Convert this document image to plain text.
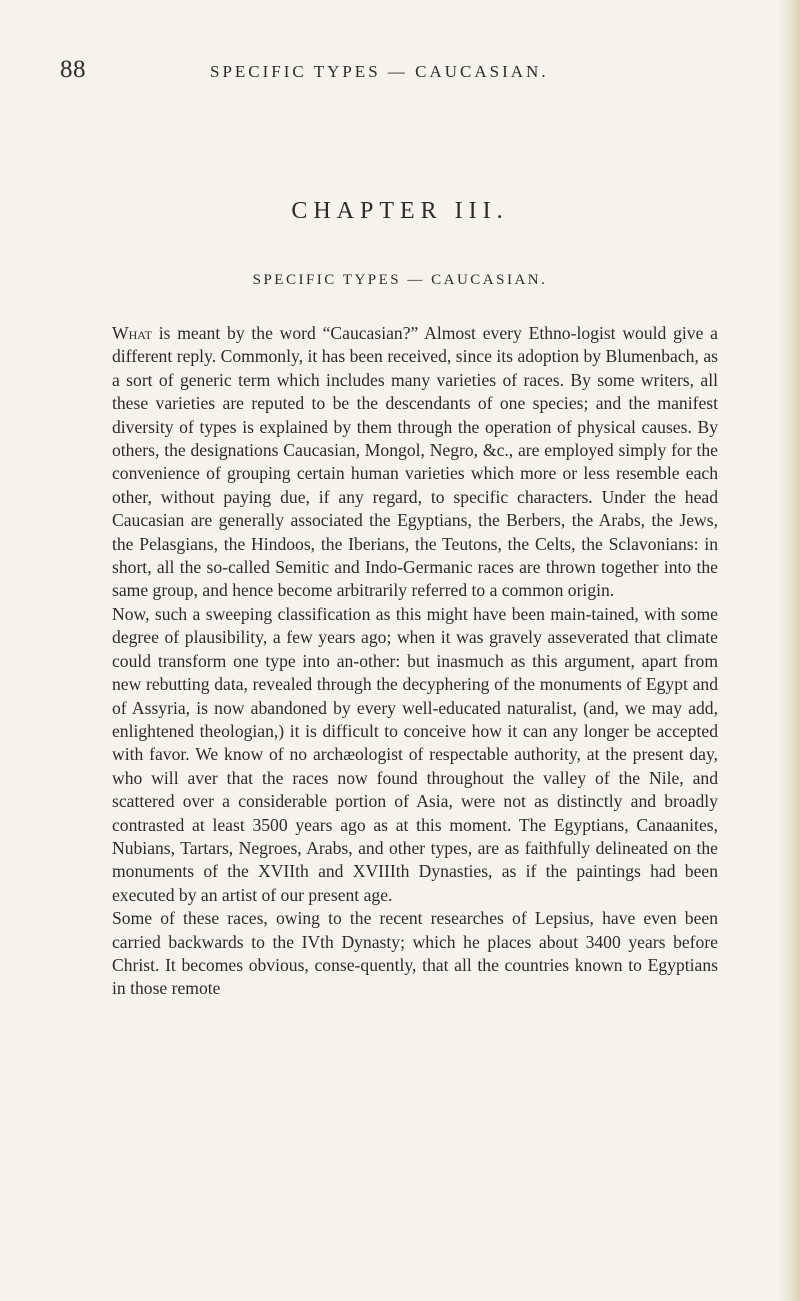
88	SPECIFIC TYPES — CAUCASIAN.
CHAPTER III.
SPECIFIC TYPES — CAUCASIAN.

What is meant by the word “Caucasian?” Almost every Ethno-logist would give a different reply. Commonly, it has been received, since its adoption by Blumenbach, as a sort of generic term which includes many varieties of races. By some writers, all these varieties are reputed to be the descendants of one species; and the manifest diversity of types is explained by them through the operation of physical causes. By others, the designations Caucasian, Mongol, Negro, &c., are employed simply for the convenience of grouping certain human varieties which more or less resemble each other, without paying due, if any regard, to specific characters. Under the head Caucasian are generally associated the Egyptians, the Berbers, the Arabs, the Jews, the Pelasgians, the Hindoos, the Iberians, the Teutons, the Celts, the Sclavonians: in short, all the so-called Semitic and Indo-Germanic races are thrown together into the same group, and hence become arbitrarily referred to a common origin.

Now, such a sweeping classification as this might have been main-tained, with some degree of plausibility, a few years ago; when it was gravely asseverated that climate could transform one type into an-other: but inasmuch as this argument, apart from new rebutting data, revealed through the decyphering of the monuments of Egypt and of Assyria, is now abandoned by every well-educated naturalist, (and, we may add, enlightened theologian,) it is difficult to conceive how it can any longer be accepted with favor. We know of no archæologist of respectable authority, at the present day, who will aver that the races now found throughout the valley of the Nile, and scattered over a considerable portion of Asia, were not as distinctly and broadly contrasted at least 3500 years ago as at this moment. The Egyptians, Canaanites, Nubians, Tartars, Negroes, Arabs, and other types, are as faithfully delineated on the monuments of the XVIIth and XVIIIth Dynasties, as if the paintings had been executed by an artist of our present age.

Some of these races, owing to the recent researches of Lepsius, have even been carried backwards to the IVth Dynasty; which he places about 3400 years before Christ. It becomes obvious, conse-quently, that all the countries known to Egyptians in those remote
